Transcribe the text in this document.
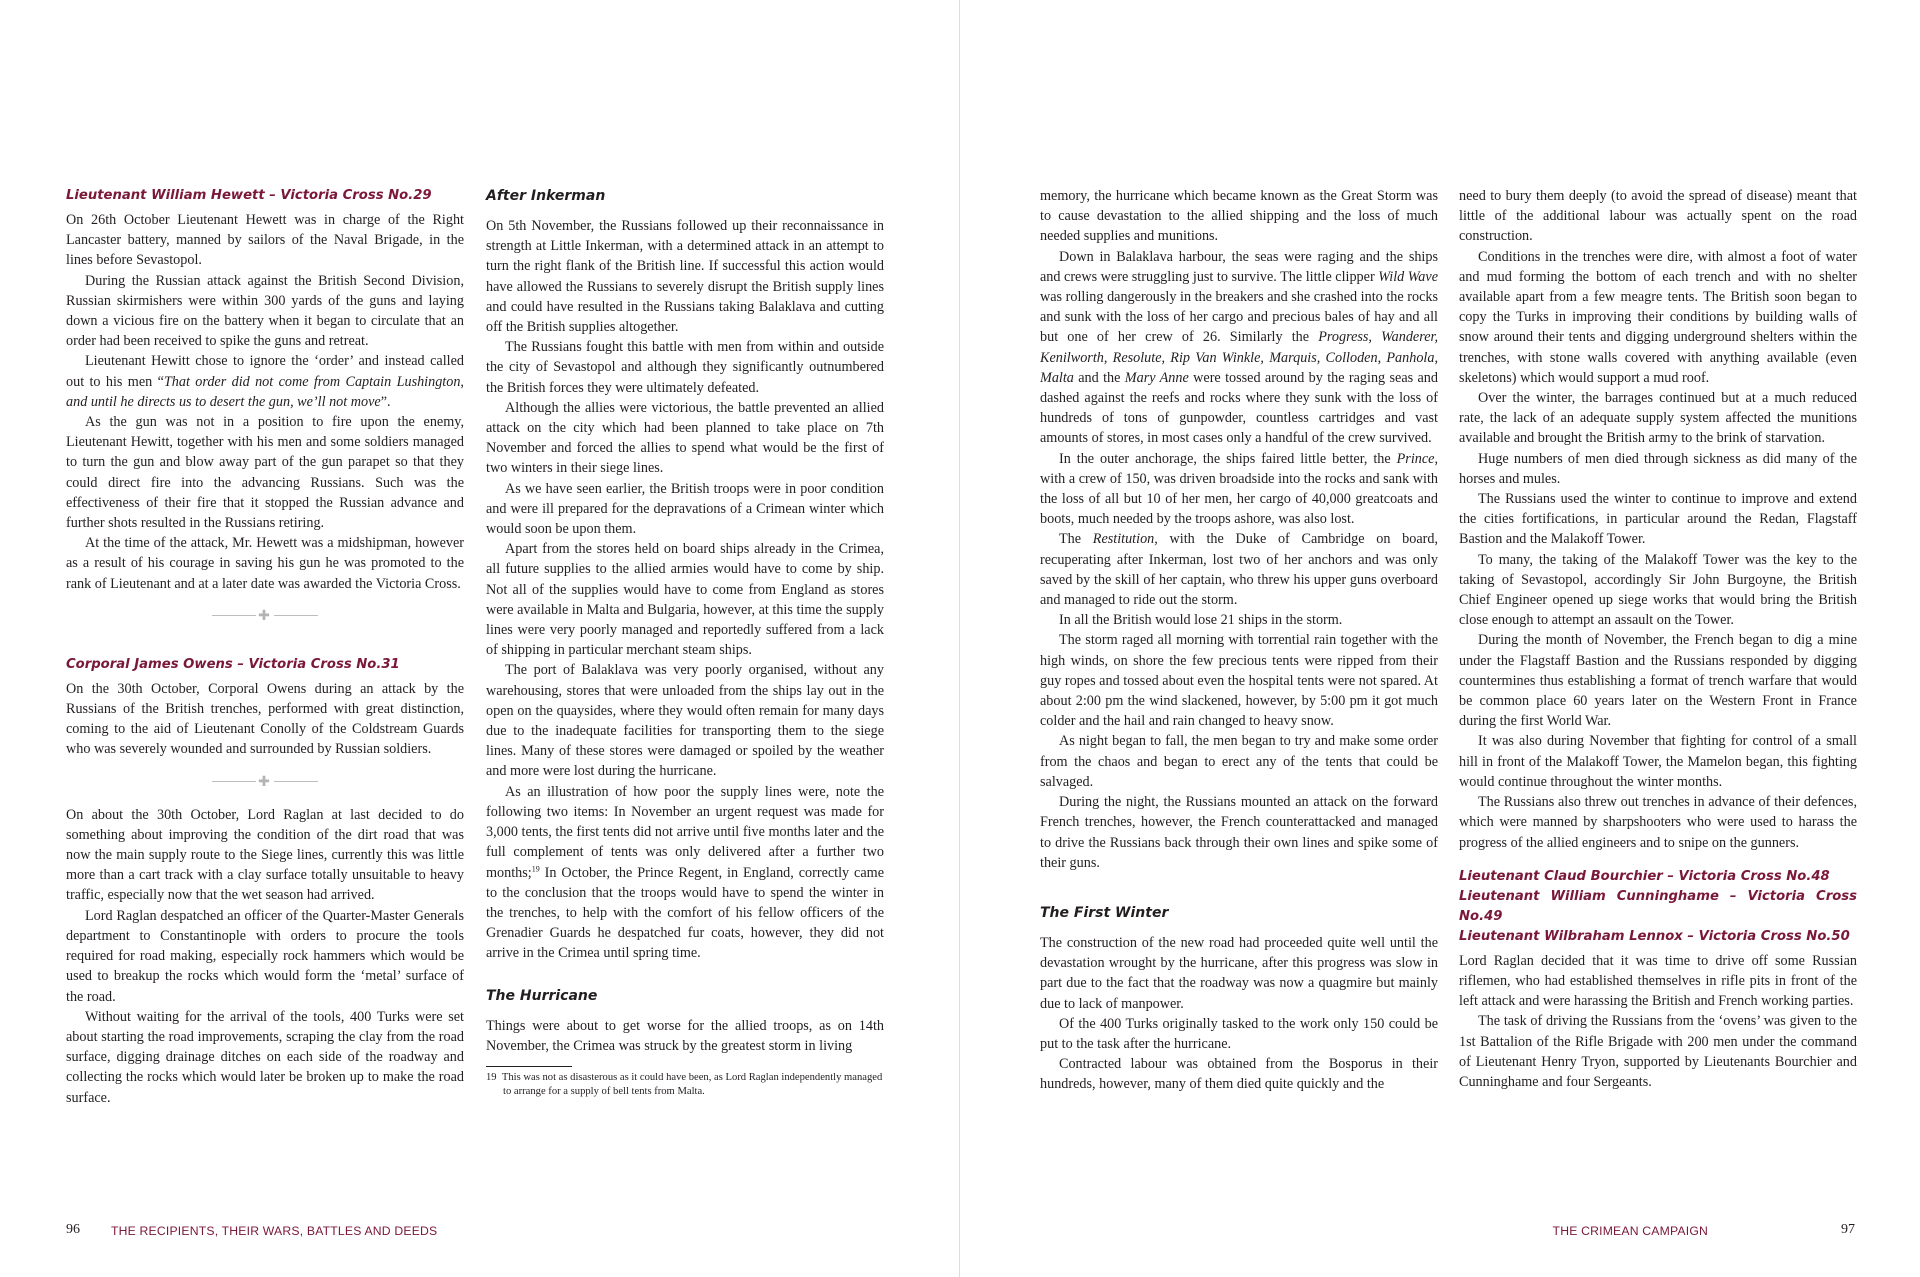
Lieutenant William Hewett – Victoria Cross No.29

On 26th October Lieutenant Hewett was in charge of the Right Lancaster battery, manned by sailors of the Naval Brigade, in the lines before Sevastopol.

During the Russian attack against the British Second Division, Russian skirmishers were within 300 yards of the guns and laying down a vicious fire on the battery when it began to circulate that an order had been received to spike the guns and retreat.

Lieutenant Hewitt chose to ignore the ‘order’ and instead called out to his men “That order did not come from Captain Lushington, and until he directs us to desert the gun, we’ll not move”.

As the gun was not in a position to fire upon the enemy, Lieutenant Hewitt, together with his men and some soldiers managed to turn the gun and blow away part of the gun parapet so that they could direct fire into the advancing Russians. Such was the effectiveness of their fire that it stopped the Russian advance and further shots resulted in the Russians retiring.

At the time of the attack, Mr. Hewett was a midshipman, however as a result of his courage in saving his gun he was promoted to the rank of Lieutenant and at a later date was awarded the Victoria Cross.

✚
Corporal James Owens – Victoria Cross No.31

On the 30th October, Corporal Owens during an attack by the Russians of the British trenches, performed with great distinction, coming to the aid of Lieutenant Conolly of the Coldstream Guards who was severely wounded and surrounded by Russian soldiers.

✚

On about the 30th October, Lord Raglan at last decided to do something about improving the condition of the dirt road that was now the main supply route to the Siege lines, currently this was little more than a cart track with a clay surface totally unsuitable to heavy traffic, especially now that the wet season had arrived.

Lord Raglan despatched an officer of the Quarter-Master Generals department to Constantinople with orders to procure the tools required for road making, especially rock hammers which would be used to breakup the rocks which would form the ‘metal’ surface of the road.

Without waiting for the arrival of the tools, 400 Turks were set about starting the road improvements, scraping the clay from the road surface, digging drainage ditches on each side of the roadway and collecting the rocks which would later be broken up to make the road surface.

After Inkerman

On 5th November, the Russians followed up their reconnaissance in strength at Little Inkerman, with a determined attack in an attempt to turn the right flank of the British line. If successful this action would have allowed the Russians to severely disrupt the British supply lines and could have resulted in the Russians taking Balaklava and cutting off the British supplies altogether.

The Russians fought this battle with men from within and outside the city of Sevastopol and although they significantly outnumbered the British forces they were ultimately defeated.

Although the allies were victorious, the battle prevented an allied attack on the city which had been planned to take place on 7th November and forced the allies to spend what would be the first of two winters in their siege lines.

As we have seen earlier, the British troops were in poor condition and were ill prepared for the depravations of a Crimean winter which would soon be upon them.

Apart from the stores held on board ships already in the Crimea, all future supplies to the allied armies would have to come by ship. Not all of the supplies would have to come from England as stores were available in Malta and Bulgaria, however, at this time the supply lines were very poorly managed and reportedly suffered from a lack of shipping in particular merchant steam ships.

The port of Balaklava was very poorly organised, without any warehousing, stores that were unloaded from the ships lay out in the open on the quaysides, where they would often remain for many days due to the inadequate facilities for transporting them to the siege lines. Many of these stores were damaged or spoiled by the weather and more were lost during the hurricane.

As an illustration of how poor the supply lines were, note the following two items: In November an urgent request was made for 3,000 tents, the first tents did not arrive until five months later and the full complement of tents was only delivered after a further two months;$^{19}$ In October, the Prince Regent, in England, correctly came to the conclusion that the troops would have to spend the winter in the trenches, to help with the comfort of his fellow officers of the Grenadier Guards he despatched fur coats, however, they did not arrive in the Crimea until spring time.

The Hurricane

Things were about to get worse for the allied troops, as on 14th November, the Crimea was struck by the greatest storm in living

19 This was not as disasterous as it could have been, as Lord Raglan independently managed to arrange for a supply of bell tents from Malta.

memory, the hurricane which became known as the Great Storm was to cause devastation to the allied shipping and the loss of much needed supplies and munitions.

Down in Balaklava harbour, the seas were raging and the ships and crews were struggling just to survive. The little clipper Wild Wave was rolling dangerously in the breakers and she crashed into the rocks and sunk with the loss of her cargo and precious bales of hay and all but one of her crew of 26. Similarly the Progress, Wanderer, Kenilworth, Resolute, Rip Van Winkle, Marquis, Colloden, Panhola, Malta and the Mary Anne were tossed around by the raging seas and dashed against the reefs and rocks where they sunk with the loss of hundreds of tons of gunpowder, countless cartridges and vast amounts of stores, in most cases only a handful of the crew survived.

In the outer anchorage, the ships faired little better, the Prince, with a crew of 150, was driven broadside into the rocks and sank with the loss of all but 10 of her men, her cargo of 40,000 greatcoats and boots, much needed by the troops ashore, was also lost.

The Restitution, with the Duke of Cambridge on board, recuperating after Inkerman, lost two of her anchors and was only saved by the skill of her captain, who threw his upper guns overboard and managed to ride out the storm.

In all the British would lose 21 ships in the storm.

The storm raged all morning with torrential rain together with the high winds, on shore the few precious tents were ripped from their guy ropes and tossed about even the hospital tents were not spared. At about 2:00 pm the wind slackened, however, by 5:00 pm it got much colder and the hail and rain changed to heavy snow.

As night began to fall, the men began to try and make some order from the chaos and began to erect any of the tents that could be salvaged.

During the night, the Russians mounted an attack on the forward French trenches, however, the French counterattacked and managed to drive the Russians back through their own lines and spike some of their guns.

The First Winter

The construction of the new road had proceeded quite well until the devastation wrought by the hurricane, after this progress was slow in part due to the fact that the roadway was now a quagmire but mainly due to lack of manpower.

Of the 400 Turks originally tasked to the work only 150 could be put to the task after the hurricane.

Contracted labour was obtained from the Bosporus in their hundreds, however, many of them died quite quickly and the

need to bury them deeply (to avoid the spread of disease) meant that little of the additional labour was actually spent on the road construction.

Conditions in the trenches were dire, with almost a foot of water and mud forming the bottom of each trench and with no shelter available apart from a few meagre tents. The British soon began to copy the Turks in improving their conditions by building walls of snow around their tents and digging underground shelters within the trenches, with stone walls covered with anything available (even skeletons) which would support a mud roof.

Over the winter, the barrages continued but at a much reduced rate, the lack of an adequate supply system affected the munitions available and brought the British army to the brink of starvation.

Huge numbers of men died through sickness as did many of the horses and mules.

The Russians used the winter to continue to improve and extend the cities fortifications, in particular around the Redan, Flagstaff Bastion and the Malakoff Tower.

To many, the taking of the Malakoff Tower was the key to the taking of Sevastopol, accordingly Sir John Burgoyne, the British Chief Engineer opened up siege works that would bring the British close enough to attempt an assault on the Tower.

During the month of November, the French began to dig a mine under the Flagstaff Bastion and the Russians responded by digging countermines thus establishing a format of trench warfare that would be common place 60 years later on the Western Front in France during the first World War.

It was also during November that fighting for control of a small hill in front of the Malakoff Tower, the Mamelon began, this fighting would continue throughout the winter months.

The Russians also threw out trenches in advance of their defences, which were manned by sharpshooters who were used to harass the progress of the allied engineers and to snipe on the gunners.

Lieutenant Claud Bourchier – Victoria Cross No.48
Lieutenant William Cunninghame – Victoria Cross No.49
Lieutenant Wilbraham Lennox – Victoria Cross No.50

Lord Raglan decided that it was time to drive off some Russian riflemen, who had established themselves in rifle pits in front of the left attack and were harassing the British and French working parties.

The task of driving the Russians from the ‘ovens’ was given to the 1st Battalion of the Rifle Brigade with 200 men under the command of Lieutenant Henry Tryon, supported by Lieutenants Bourchier and Cunninghame and four Sergeants.

96	THE RECIPIENTS, THEIR WARS, BATTLES AND DEEDS	THE CRIMEAN CAMPAIGN	97
